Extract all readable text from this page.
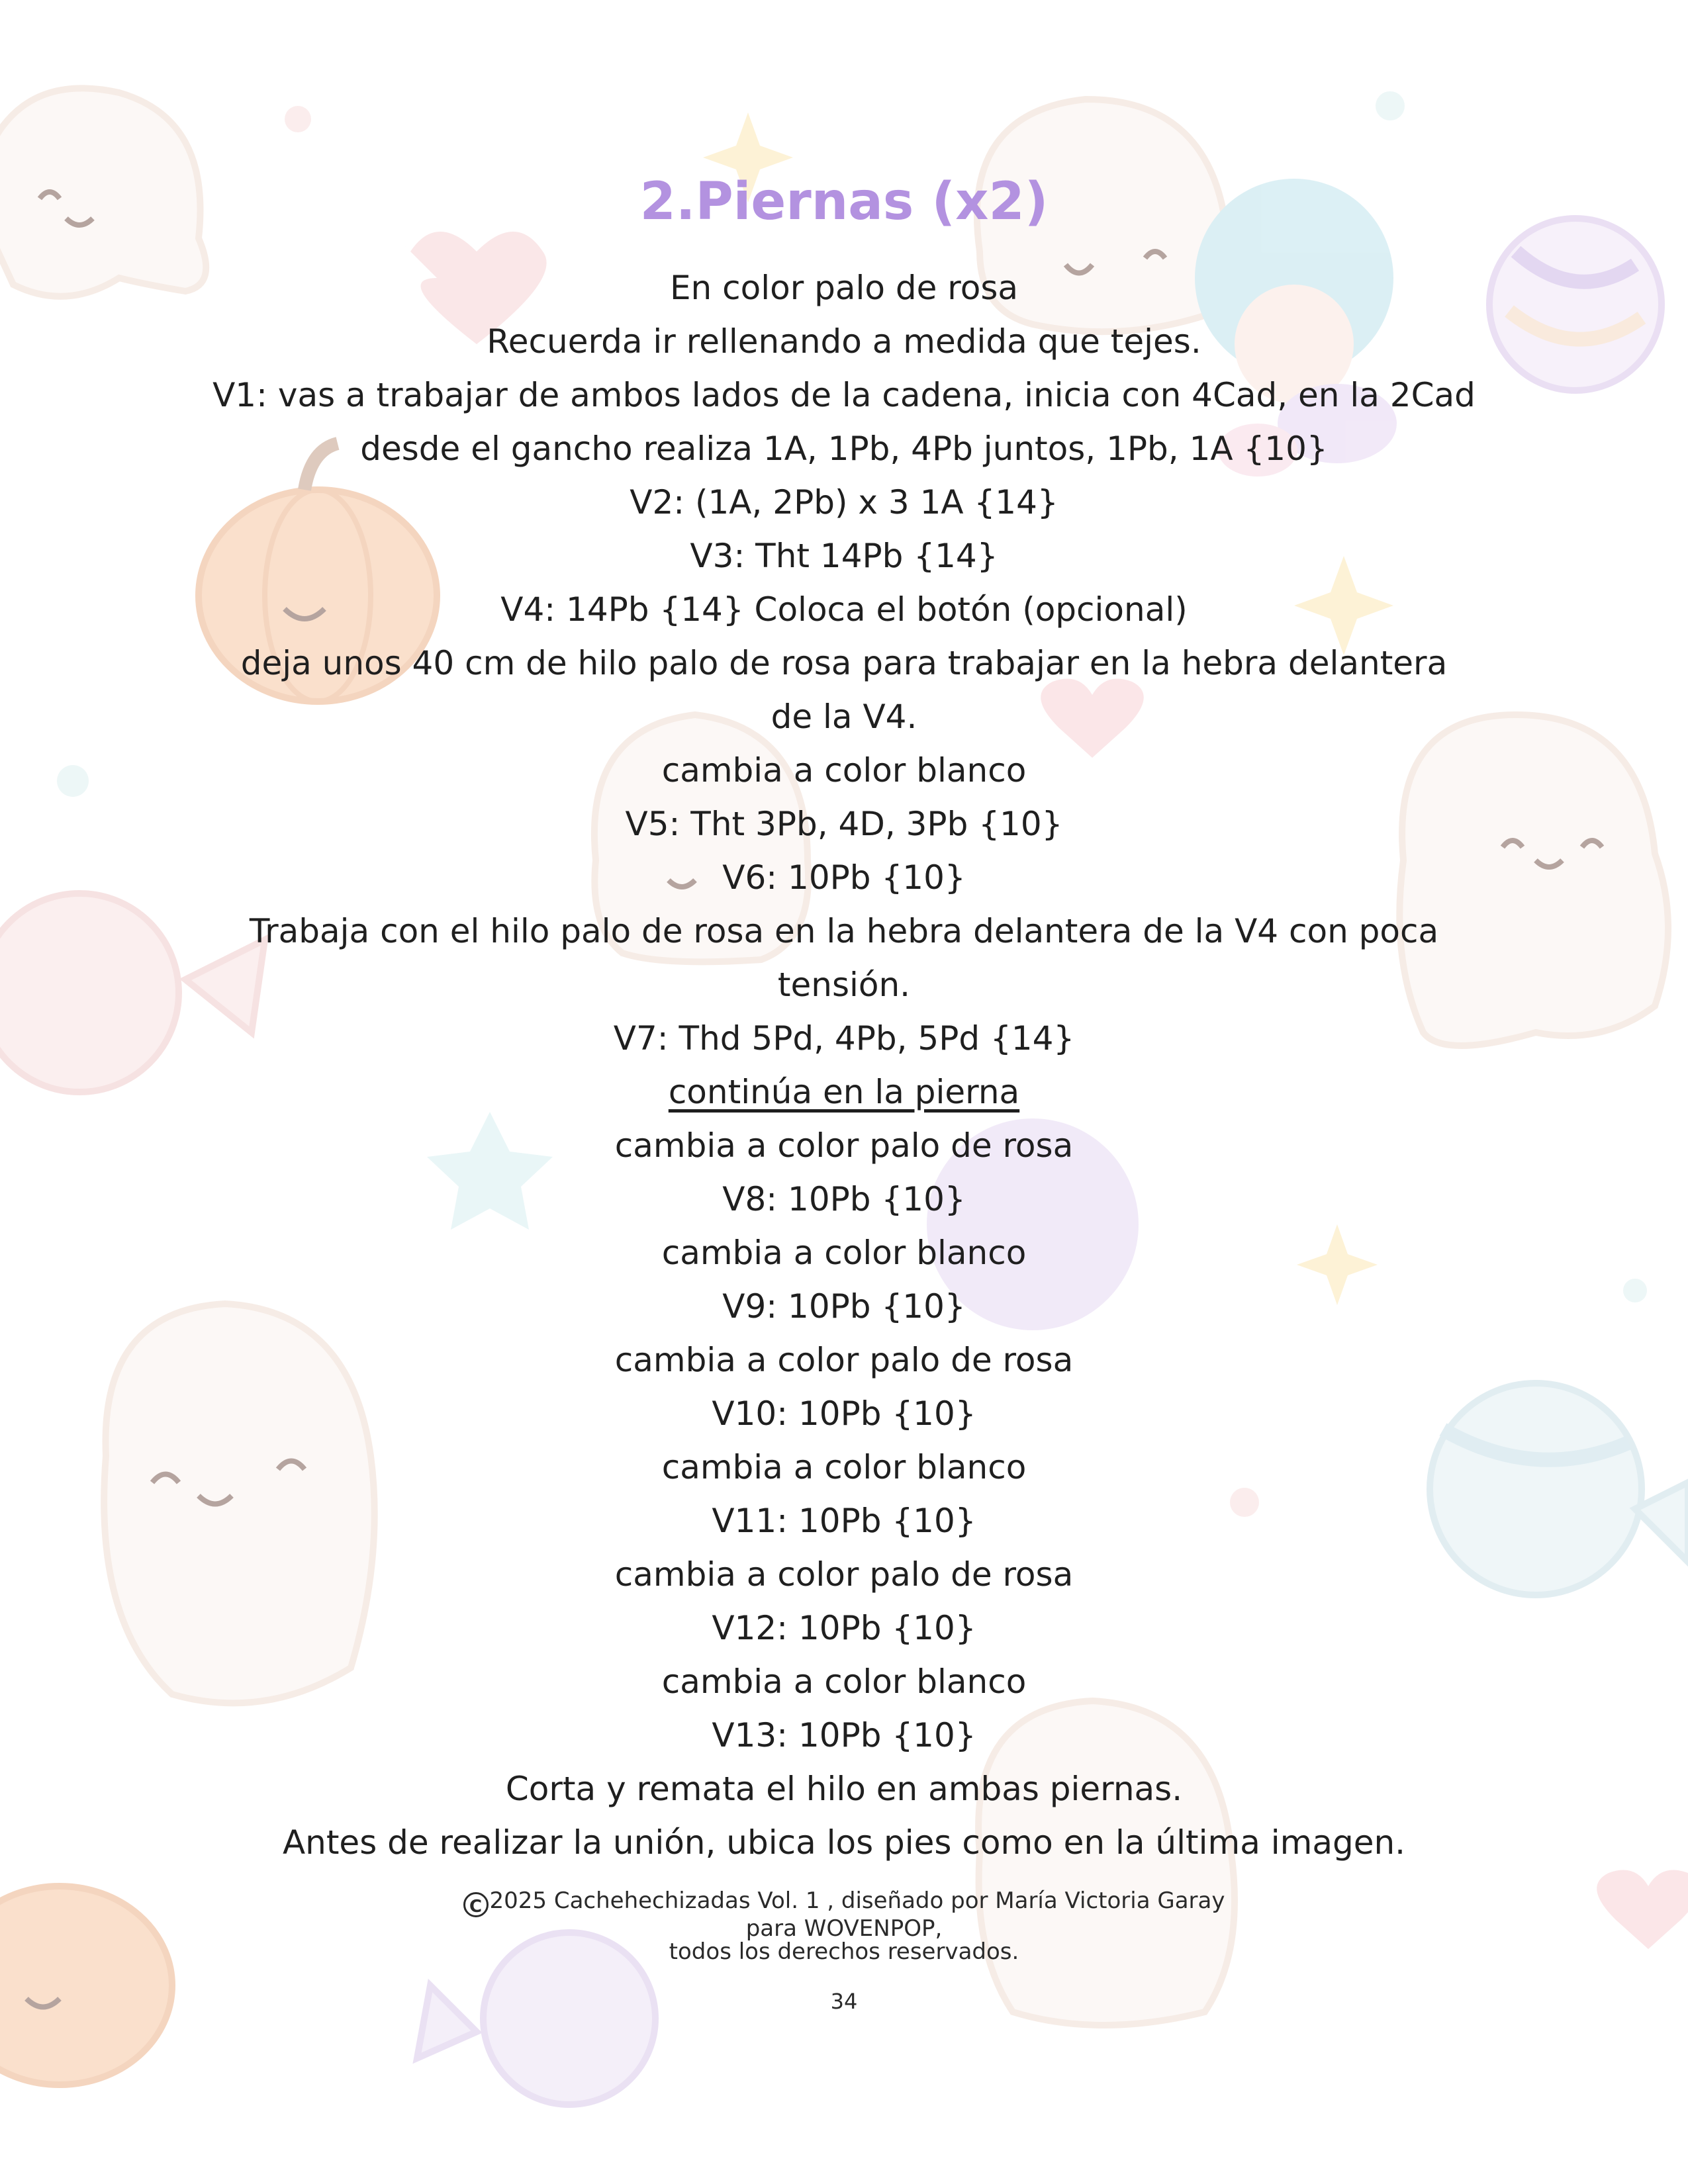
2.Piernas (x2)
En color palo de rosa
Recuerda ir rellenando a medida que tejes.
V1: vas a trabajar de ambos lados de la cadena, inicia con 4Cad, en la 2Cad
desde el gancho realiza 1A, 1Pb, 4Pb juntos, 1Pb, 1A {10}
V2: (1A, 2Pb) x 3 1A {14}
V3: Tht 14Pb {14}
V4: 14Pb {14} Coloca el botón (opcional)
deja unos 40 cm de hilo palo de rosa para trabajar en la hebra delantera
de la V4.
cambia a color blanco
V5: Tht 3Pb, 4D, 3Pb {10}
V6: 10Pb {10}
Trabaja con el hilo palo de rosa en la hebra delantera de la V4 con poca
tensión.
V7: Thd 5Pd, 4Pb, 5Pd {14}
continúa en la pierna
cambia a color palo de rosa
V8: 10Pb {10}
cambia a color blanco
V9: 10Pb {10}
cambia a color palo de rosa
V10: 10Pb {10}
cambia a color blanco
V11: 10Pb {10}
cambia a color palo de rosa
V12: 10Pb {10}
cambia a color blanco
V13: 10Pb {10}
Corta y remata el hilo en ambas piernas.
Antes de realizar la unión, ubica los pies como en la última imagen.
C 2025 Cachehechizadas Vol. 1 , diseñado por María Victoria Garay
para WOVENPOP,
todos los derechos reservados.
34
